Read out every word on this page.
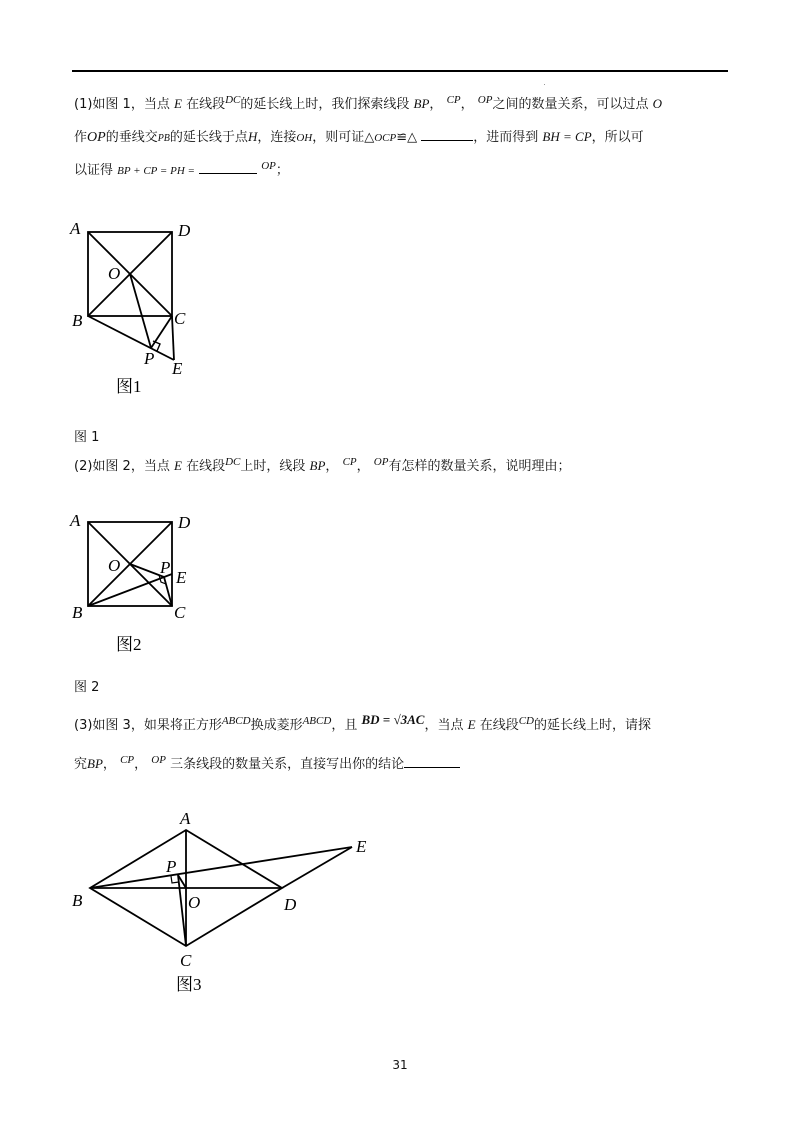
(1)如图 1，当点 E 在线段$^{DC}$的延长线上时，我们探索线段 BP， $^{CP}$， $^{OP}$之间的数量关系，可以过点 O
作OP的垂线交PB的延长线于点H，连接OH，则可证△OCP≌△	，进而得到 BH = CP，所以可
以证得 BP + CP = PH =	$^{OP}$；
A	D
O
B	C
P
E
图1
图 1
(2)如图 2，当点 E 在线段$^{DC}$上时，线段 BP， $^{CP}$， $^{OP}$有怎样的数量关系，说明理由；
A	D
O P
E
B	C
图2
图 2
(3)如图 3，如果将正方形$^{ABCD}$换成菱形$^{ABCD}$，且 BD = √3AC，当点 E 在线段$^{CD}$的延长线上时，请探
究BP， $^{CP}$， $^{OP}$ 三条线段的数量关系，直接写出你的结论
A
P
E
B	O	D
C
图3
31
